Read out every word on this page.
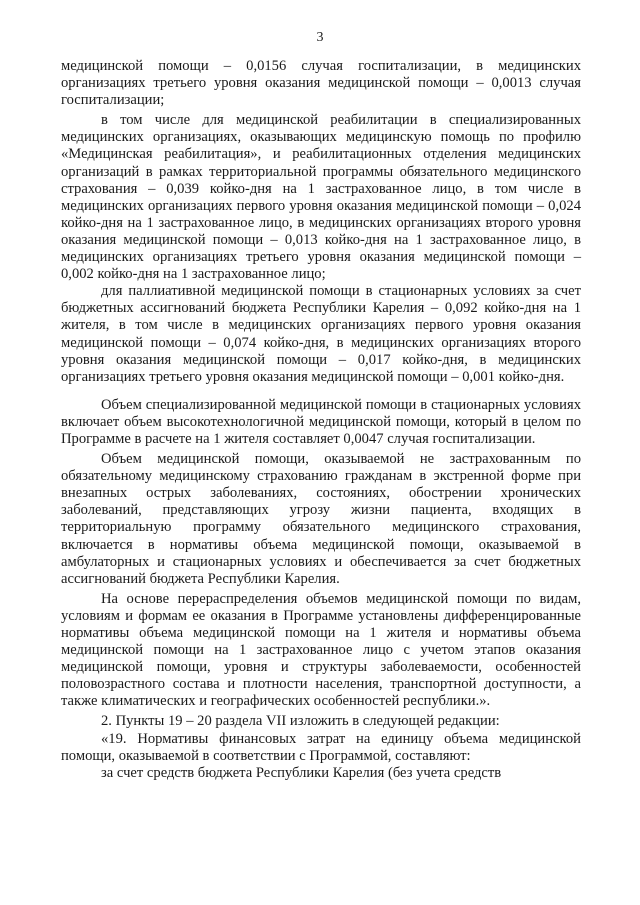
3

медицинской помощи – 0,0156 случая госпитализации, в медицинских организациях третьего уровня оказания медицинской помощи – 0,0013 случая госпитализации;

в том числе для медицинской реабилитации в специализированных медицинских организациях, оказывающих медицинскую помощь по профилю «Медицинская реабилитация», и реабилитационных отделения медицинских организаций в рамках территориальной программы обязательного медицинского страхования – 0,039 койко-дня на 1 застрахованное лицо, в том числе в медицинских организациях первого уровня оказания медицинской помощи – 0,024 койко-дня на 1 застрахованное лицо, в медицинских организациях второго уровня оказания медицинской помощи – 0,013 койко-дня на 1 застрахованное лицо, в медицинских организациях третьего уровня оказания медицинской помощи – 0,002 койко-дня на 1 застрахованное лицо;

для паллиативной медицинской помощи в стационарных условиях за счет бюджетных ассигнований бюджета Республики Карелия – 0,092 койко-дня на 1 жителя, в том числе в медицинских организациях первого уровня оказания медицинской помощи – 0,074 койко-дня, в медицинских организациях второго уровня оказания медицинской помощи – 0,017 койко-дня, в медицинских организациях третьего уровня оказания медицинской помощи – 0,001 койко-дня.

Объем специализированной медицинской помощи в стационарных условиях включает объем высокотехнологичной медицинской помощи, который в целом по Программе в расчете на 1 жителя составляет 0,0047 случая госпитализации.

Объем медицинской помощи, оказываемой не застрахованным по обязательному медицинскому страхованию гражданам в экстренной форме при внезапных острых заболеваниях, состояниях, обострении хронических заболеваний, представляющих угрозу жизни пациента, входящих в территориальную программу обязательного медицинского страхования, включается в нормативы объема медицинской помощи, оказываемой в амбулаторных и стационарных условиях и обеспечивается за счет бюджетных ассигнований бюджета Республики Карелия.

На основе перераспределения объемов медицинской помощи по видам, условиям и формам ее оказания в Программе установлены дифференцированные нормативы объема медицинской помощи на 1 жителя и нормативы объема медицинской помощи на 1 застрахованное лицо с учетом этапов оказания медицинской помощи, уровня и структуры заболеваемости, особенностей половозрастного состава и плотности населения, транспортной доступности, а также климатических и географических особенностей республики.».

2. Пункты 19 – 20 раздела VII изложить в следующей редакции:

«19. Нормативы финансовых затрат на единицу объема медицинской помощи, оказываемой в соответствии с Программой, составляют:

за счет средств бюджета Республики Карелия (без учета средств
